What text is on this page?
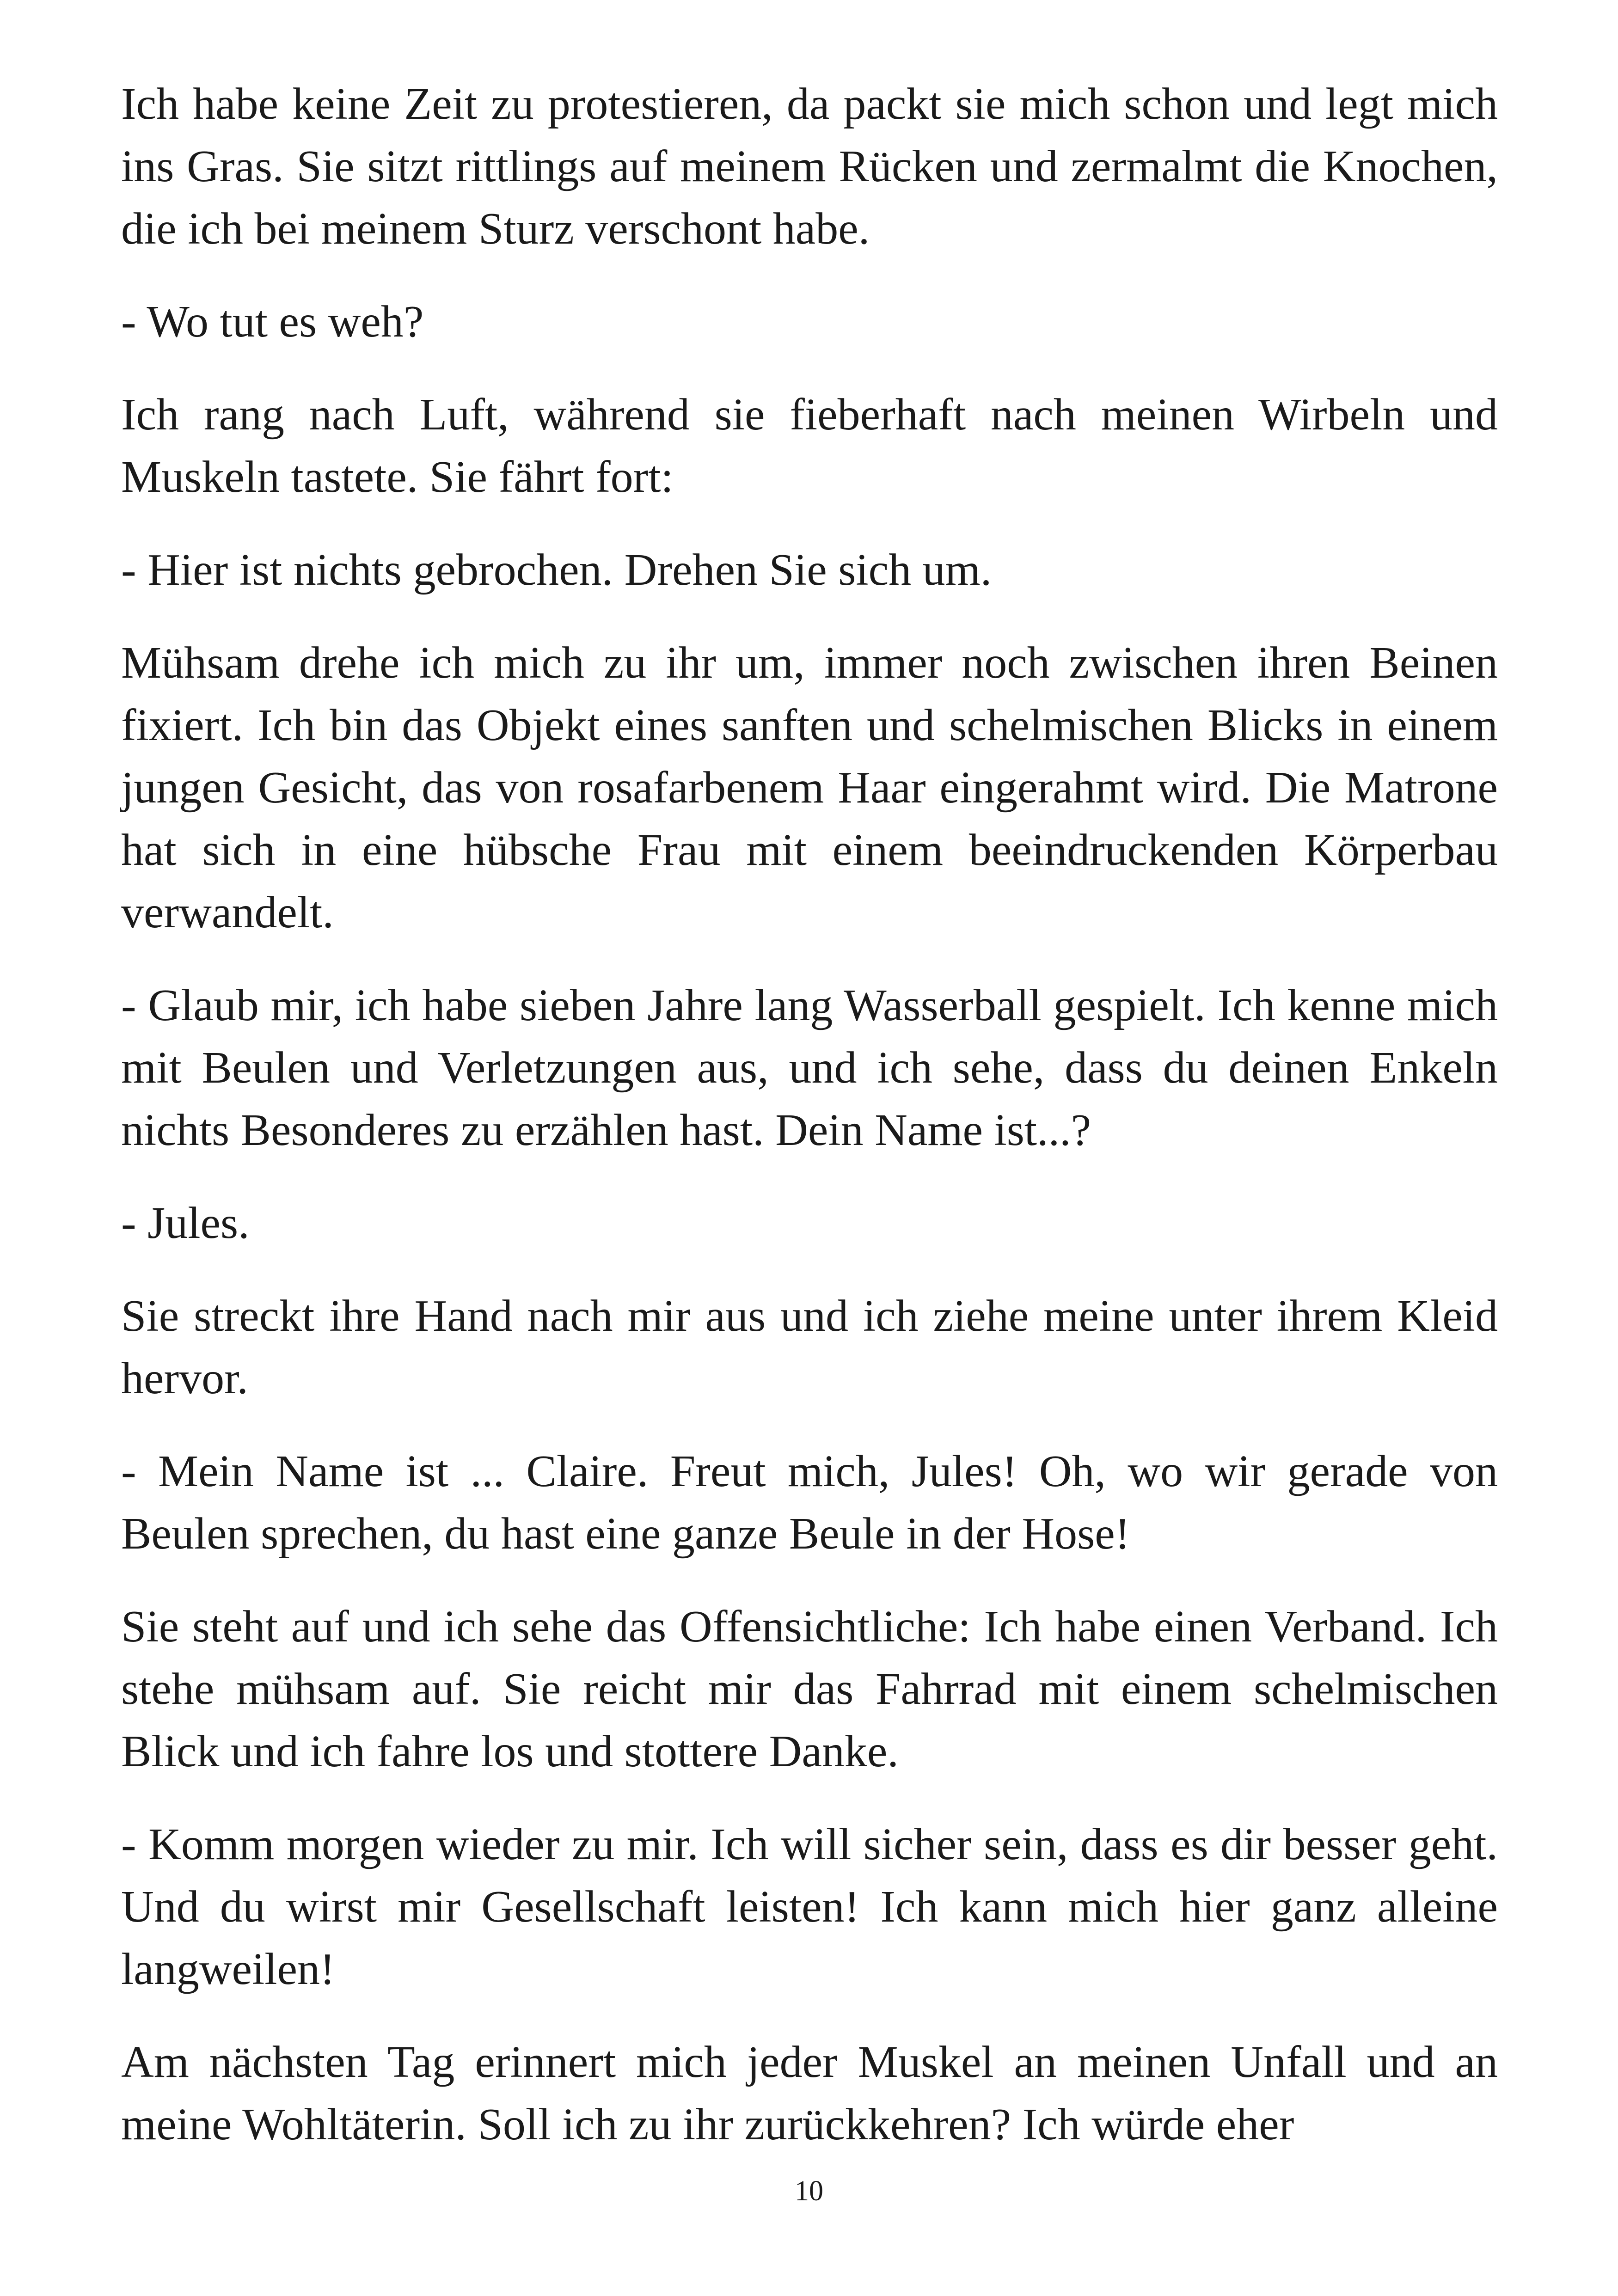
Ich habe keine Zeit zu protestieren, da packt sie mich schon und legt mich ins Gras. Sie sitzt rittlings auf meinem Rücken und zermalmt die Knochen, die ich bei meinem Sturz verschont habe.

- Wo tut es weh?

Ich rang nach Luft, während sie fieberhaft nach meinen Wirbeln und Muskeln tastete. Sie fährt fort:

- Hier ist nichts gebrochen. Drehen Sie sich um.

Mühsam drehe ich mich zu ihr um, immer noch zwischen ihren Beinen fixiert. Ich bin das Objekt eines sanften und schelmischen Blicks in einem jungen Gesicht, das von rosafarbenem Haar eingerahmt wird. Die Matrone hat sich in eine hübsche Frau mit einem beeindruckenden Körperbau verwandelt.

- Glaub mir, ich habe sieben Jahre lang Wasserball gespielt. Ich kenne mich mit Beulen und Verletzungen aus, und ich sehe, dass du deinen Enkeln nichts Besonderes zu erzählen hast. Dein Name ist...?

- Jules.

Sie streckt ihre Hand nach mir aus und ich ziehe meine unter ihrem Kleid hervor.

- Mein Name ist ... Claire. Freut mich, Jules! Oh, wo wir gerade von Beulen sprechen, du hast eine ganze Beule in der Hose!

Sie steht auf und ich sehe das Offensichtliche: Ich habe einen Verband. Ich stehe mühsam auf. Sie reicht mir das Fahrrad mit einem schelmischen Blick und ich fahre los und stottere Danke.

- Komm morgen wieder zu mir. Ich will sicher sein, dass es dir besser geht. Und du wirst mir Gesellschaft leisten! Ich kann mich hier ganz alleine langweilen!

Am nächsten Tag erinnert mich jeder Muskel an meinen Unfall und an meine Wohltäterin. Soll ich zu ihr zurückkehren? Ich würde eher

10
